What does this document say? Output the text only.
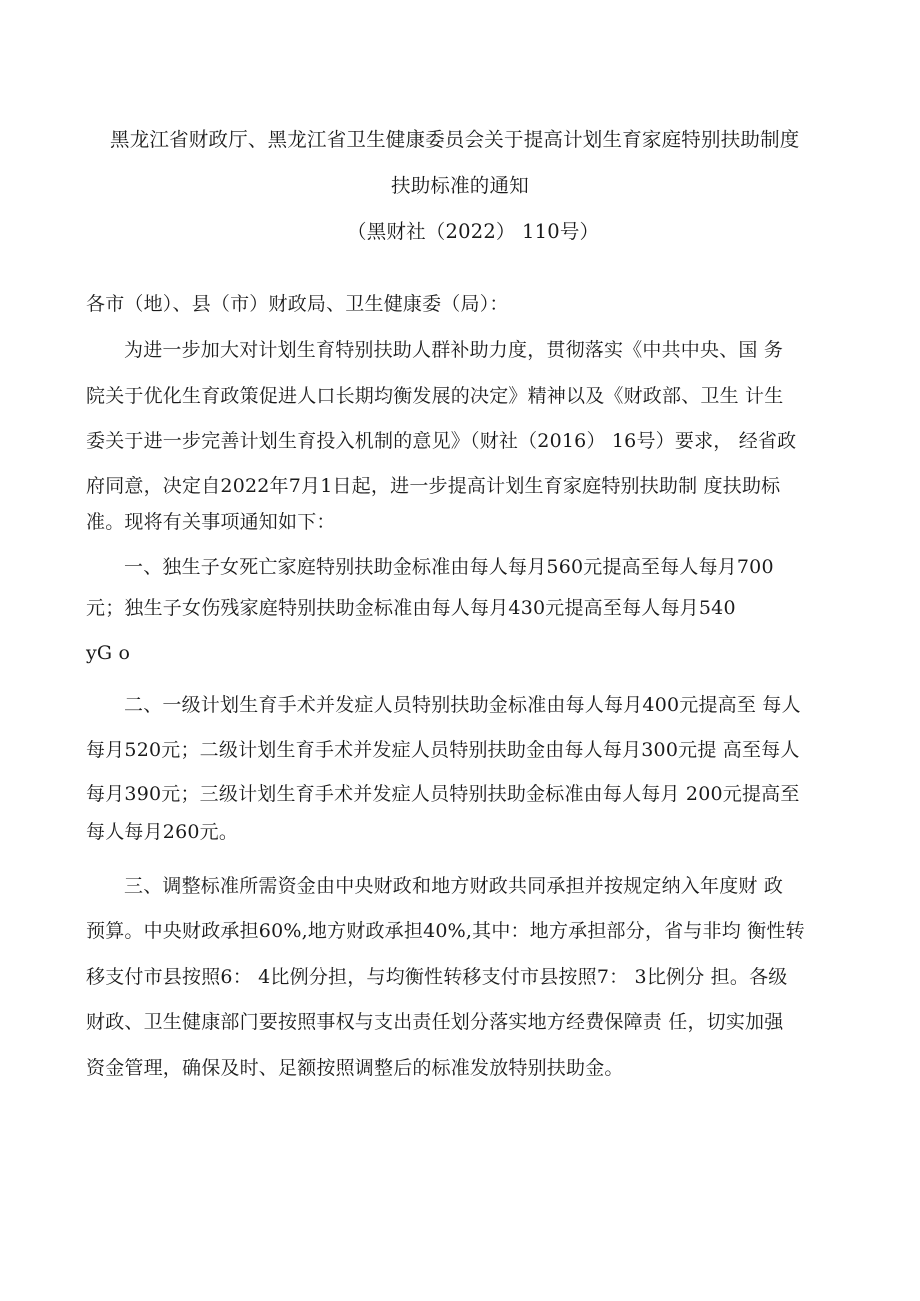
黑龙江省财政厅、黑龙江省卫生健康委员会关于提高计划生育家庭特别扶助制度
扶助标准的通知
（黑财社（2022） 110号）
各市（地）、县（市）财政局、卫生健康委（局）：
为进一步加大对计划生育特别扶助人群补助力度，贯彻落实《中共中央、国 务
院关于优化生育政策促进人口长期均衡发展的决定》精神以及《财政部、卫生 计生
委关于进一步完善计划生育投入机制的意见》（财社（2016） 16号）要求， 经省政
府同意，决定自2022年7月1日起，进一步提高计划生育家庭特别扶助制 度扶助标
准。现将有关事项通知如下：
一、独生子女死亡家庭特别扶助金标准由每人每月560元提高至每人每月700
元；独生子女伤残家庭特别扶助金标准由每人每月430元提高至每人每月540
yG o
二、一级计划生育手术并发症人员特别扶助金标准由每人每月400元提高至 每人
每月520元；二级计划生育手术并发症人员特别扶助金由每人每月300元提 高至每人
每月390元；三级计划生育手术并发症人员特别扶助金标准由每人每月 200元提高至
每人每月260元。
三、调整标准所需资金由中央财政和地方财政共同承担并按规定纳入年度财 政
预算。中央财政承担60%,地方财政承担40%,其中：地方承担部分，省与非均 衡性转
移支付市县按照6： 4比例分担，与均衡性转移支付市县按照7： 3比例分 担。各级
财政、卫生健康部门要按照事权与支出责任划分落实地方经费保障责 任，切实加强
资金管理，确保及时、足额按照调整后的标准发放特别扶助金。
